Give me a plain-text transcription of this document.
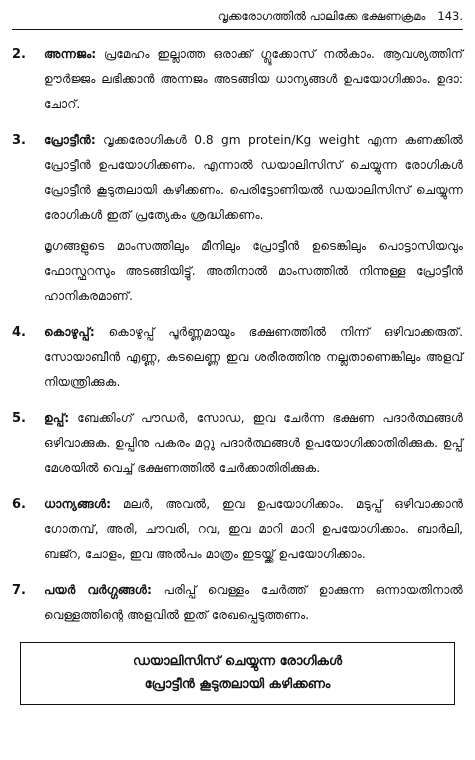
വൃക്കരോഗത്തിൽ പാലിക്കേ ഭക്ഷണക്രമം 143.
2.	അന്നജം: പ്രമേഹം ഇല്ലാത്ത ഒരാക്ക് ഗ്ലൂക്കോസ് നൽകാം. ആവശ്യത്തിന് ഊർജ്ജം ലഭിക്കാൻ അന്നജം അടങ്ങിയ ധാന്യങ്ങൾ ഉപയോഗിക്കാം. ഉദാ: ചോറ്.
3.	പ്രോട്ടീൻ: വൃക്കരോഗികൾ 0.8 gm protein/Kg weight എന്ന കണക്കിൽ പ്രോട്ടീൻ ഉപയോഗിക്കണം. എന്നാൽ ഡയാലിസിസ് ചെയ്യുന്ന രോഗികൾ പ്രോട്ടീൻ കൂടുതലായി കഴിക്കണം. പെരിട്ടോണിയൽ ഡയാലിസിസ് ചെയ്യുന്ന രോഗികൾ ഇത് പ്രത്യേകം ശ്രദ്ധിക്കണം.
മൃഗങ്ങളുടെ മാംസത്തിലും മീനിലും പ്രോട്ടീൻ ഉടെങ്കിലും പൊട്ടാസിയവും ഫോസ്ഫറസും അടങ്ങിയിട്ടു്. അതിനാൽ മാംസത്തിൽ നിന്നുള്ള പ്രോട്ടീൻ ഹാനികരമാണ്.
4.	കൊഴുപ്പ്: കൊഴുപ്പ് പൂർണ്ണമായും ഭക്ഷണത്തിൽ നിന്ന് ഒഴിവാക്കരുത്. സോയാബീൻ എണ്ണ, കടലെണ്ണ ഇവ ശരീരത്തിനു നല്ലതാണെങ്കിലും അളവ് നിയന്ത്രിക്കുക.
5.	ഉപ്പ്: ബേക്കിംഗ് പൗഡർ, സോഡ, ഇവ ചേർന്ന ഭക്ഷണ പദാർത്ഥങ്ങൾ ഒഴിവാക്കുക. ഉപ്പിനു പകരം മറ്റു പദാർത്ഥങ്ങൾ ഉപയോഗിക്കാതിരിക്കുക. ഉപ്പ് മേശയിൽ വെച്ച് ഭക്ഷണത്തിൽ ചേർക്കാതിരിക്കുക.
6.	ധാന്യങ്ങൾ: മലർ, അവൽ, ഇവ ഉപയോഗിക്കാം. മടുപ്പ് ഒഴിവാക്കാൻ ഗോതമ്പ്, അരി, ചൗവരി, റവ, ഇവ മാറി മാറി ഉപയോഗിക്കാം. ബാർലി, ബജ്റ, ചോളം, ഇവ അൽപം മാത്രം ഇടയ്ക്ക് ഉപയോഗിക്കാം.
7.	പയർ വർഗ്ഗങ്ങൾ: പരിപ്പ് വെള്ളം ചേർത്ത് ഉാക്കുന്ന ഒന്നായതിനാൽ വെള്ളത്തിന്റെ അളവിൽ ഇത് രേഖപ്പെടുത്തണം.
ഡയാലിസിസ് ചെയ്യുന്ന രോഗികൾ
പ്രോട്ടീൻ കൂടുതലായി കഴിക്കണം
